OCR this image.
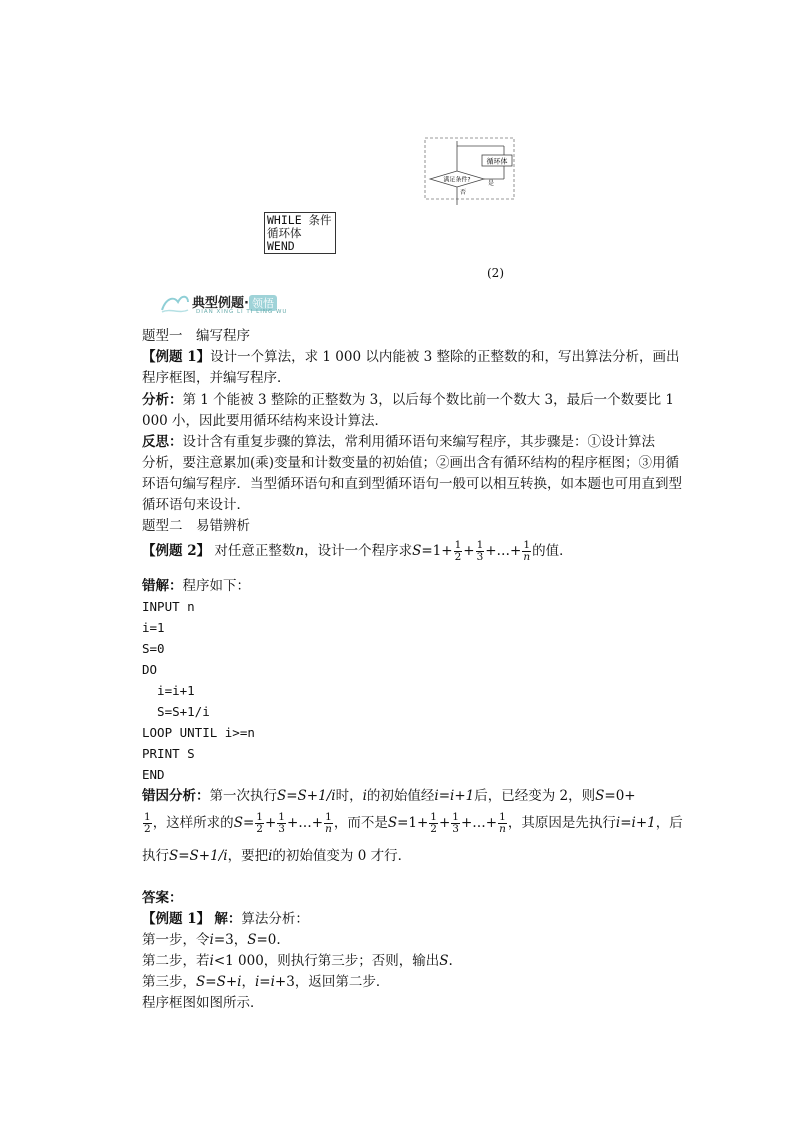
循环体
满足条件?	是
否
WHILE 条件
循环体
WEND
(2)
典型例题· 领悟
DIAN XING LI TI LING WU
题型一　编写程序
【例题 1】设计一个算法，求 1 000 以内能被 3 整除的正整数的和，写出算法分析，画出
程序框图，并编写程序．
分析：第 1 个能被 3 整除的正整数为 3，以后每个数比前一个数大 3，最后一个数要比 1
000 小，因此要用循环结构来设计算法．
反思：设计含有重复步骤的算法，常利用循环语句来编写程序，其步骤是：①设计算法
分析，要注意累加(乘)变量和计数变量的初始值；②画出含有循环结构的程序框图；③用循
环语句编写程序．当型循环语句和直到型循环语句一般可以相互转换，如本题也可用直到型
循环语句来设计．
题型二　易错辨析
【例题 2】 对任意正整数n，设计一个程序求$S=1+ \frac{1}{2} + \frac{1}{3}$ +…+ $\frac{1}{n}$ 的值．
错解：程序如下：
INPUT n
i=1
S=0
DO
i=i+1
S=S+1/i
LOOP UNTIL i>=n
PRINT S
END
错因分析：第一次执行S=S+1/i时，i的初始值经i=i+1后，已经变为 2，则S=0+
$\frac{1}{2}$ ，这样所求的$S= \frac{1}{2} + \frac{1}{3}$ +…+ $\frac{1}{n}$ ，而不是$S=1+ \frac{1}{2} + \frac{1}{3}$ +…+ $\frac{1}{n}$ ，其原因是先执行i=i+1，后
执行S=S+1/i，要把i的初始值变为 0 才行．
答案：
【例题 1】 解：算法分析：
第一步，令i=3，S=0.
第二步，若i<1 000，则执行第三步；否则，输出S.
第三步，S=S+i，i=i+3，返回第二步．
程序框图如图所示．
